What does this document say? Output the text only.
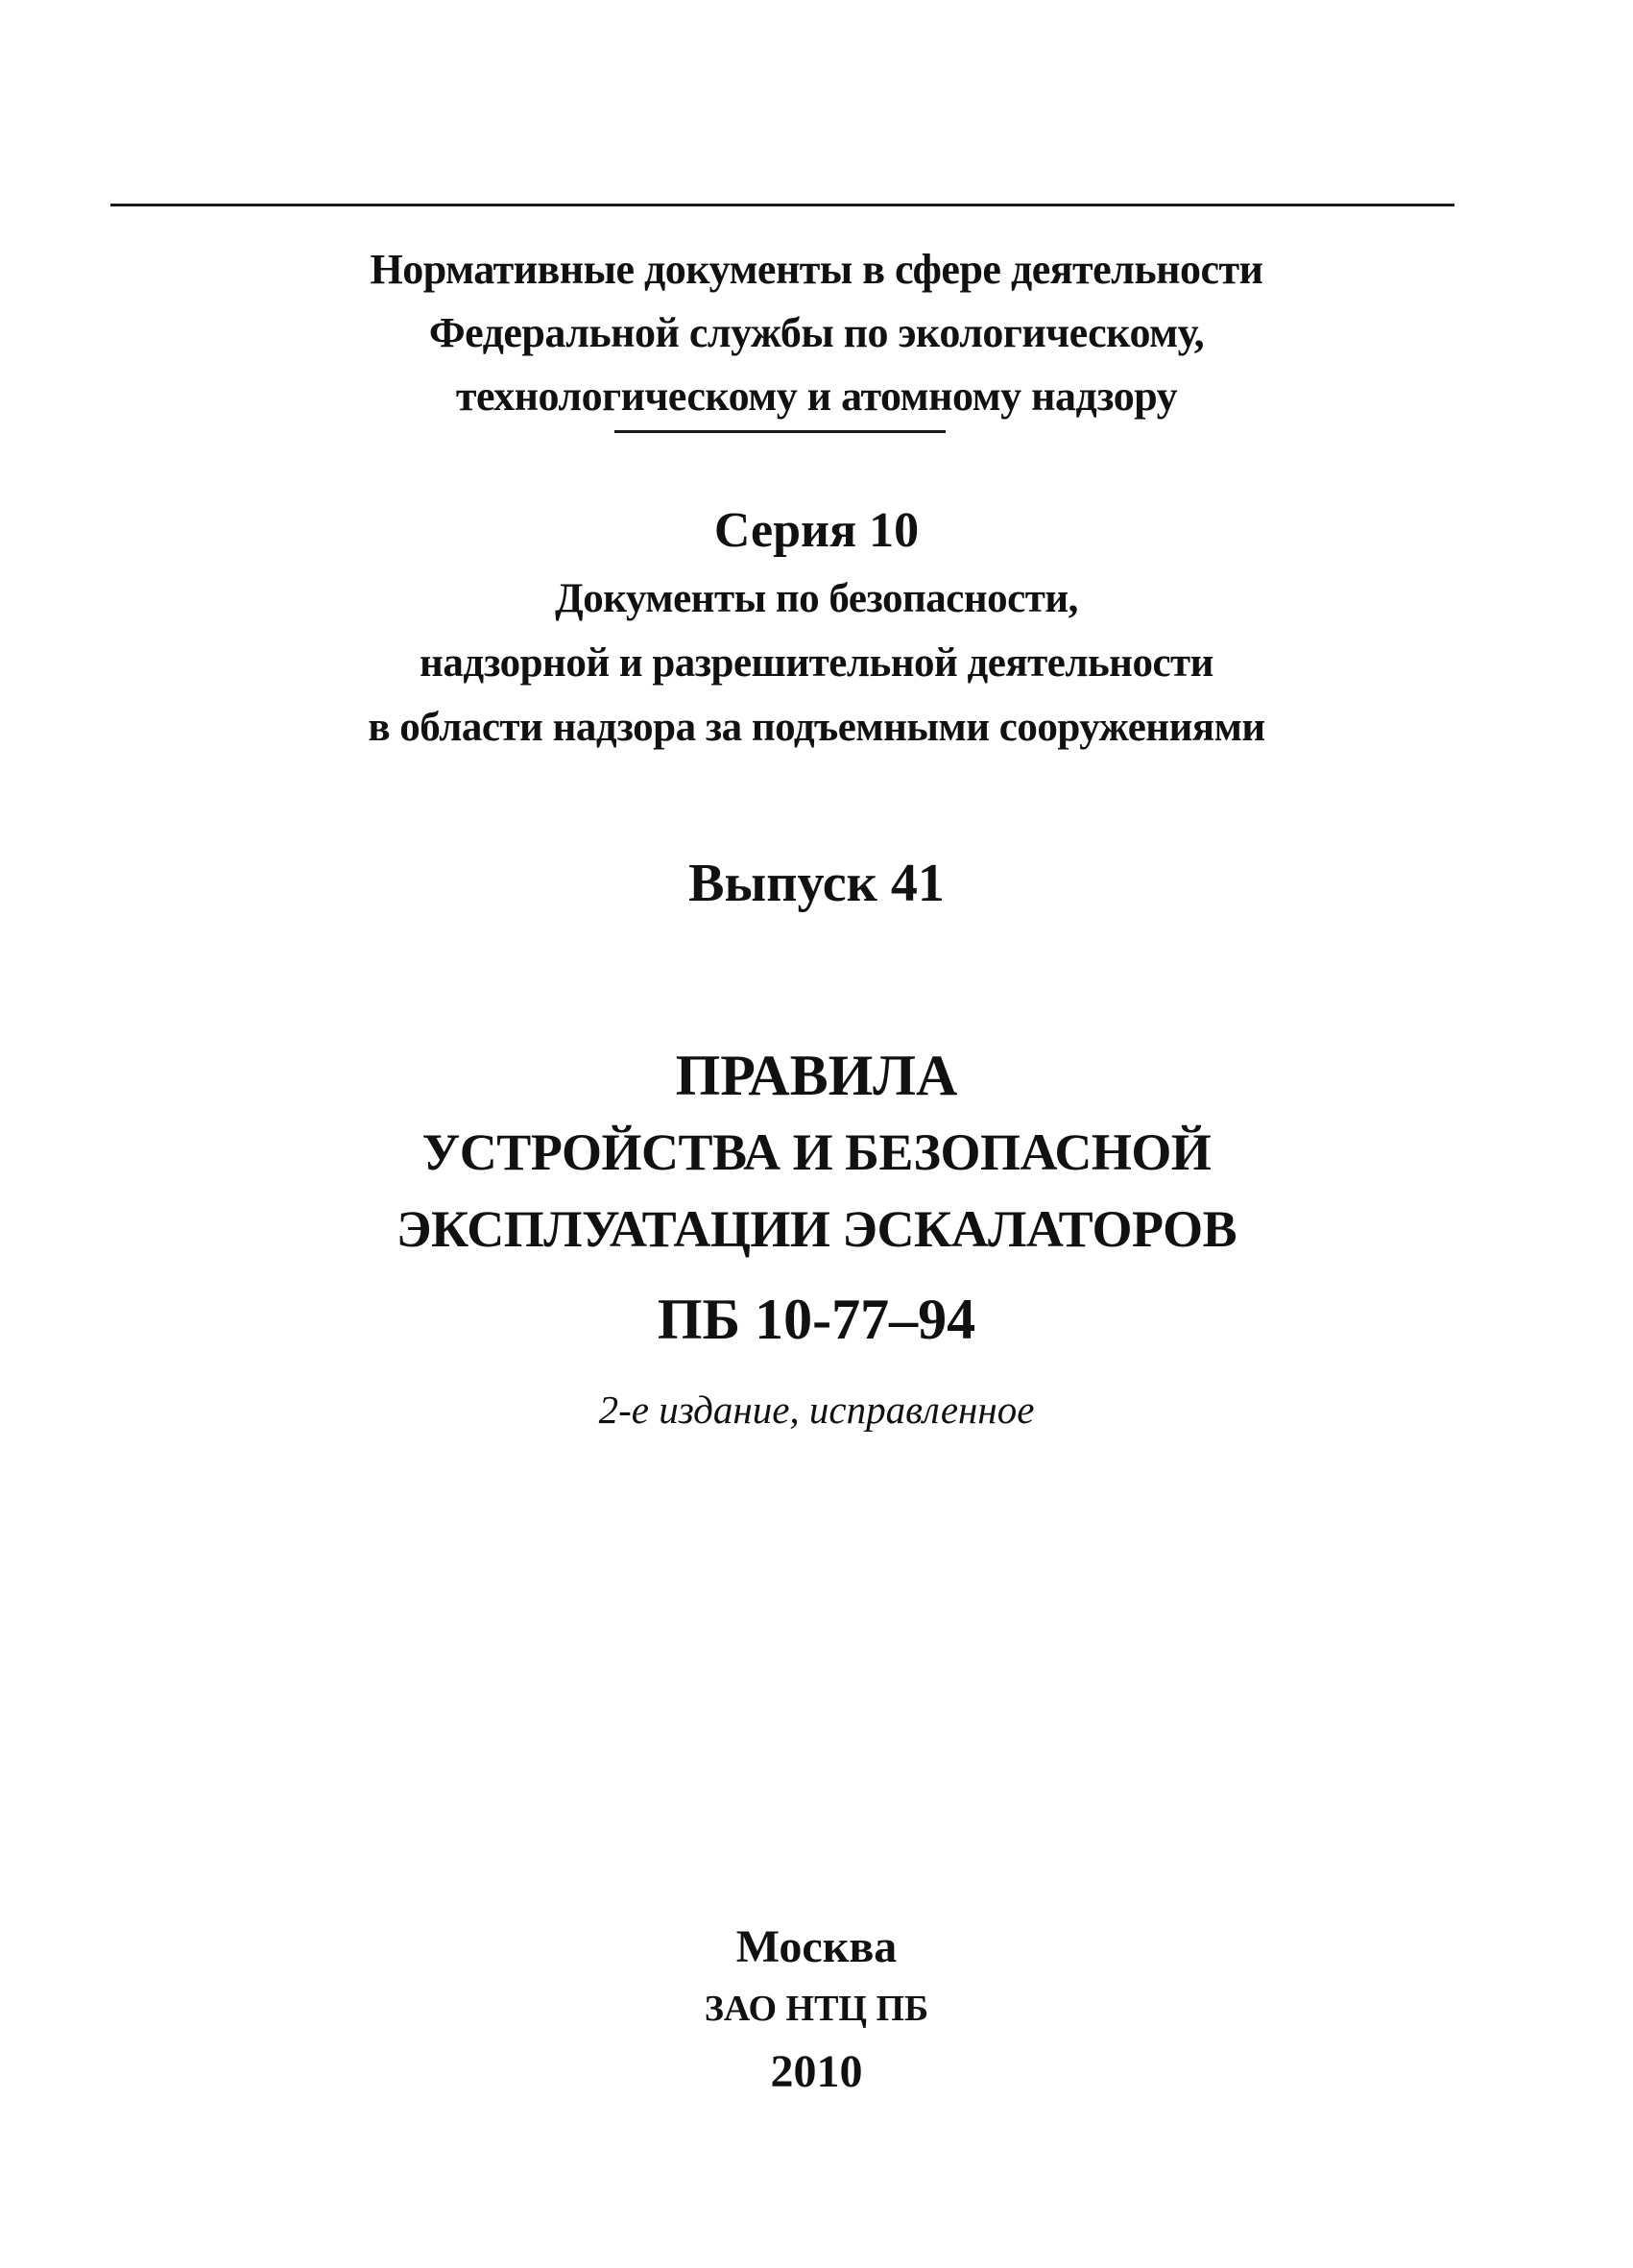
Нормативные документы в сфере деятельности
Федеральной службы по экологическому,
технологическому и атомному надзору
Серия 10
Документы по безопасности,
надзорной и разрешительной деятельности
в области надзора за подъемными сооружениями
Выпуск 41
ПРАВИЛА
УСТРОЙСТВА И БЕЗОПАСНОЙ
ЭКСПЛУАТАЦИИ ЭСКАЛАТОРОВ
ПБ 10-77–94
2-е издание, исправленное
Москва
ЗАО НТЦ ПБ
2010
